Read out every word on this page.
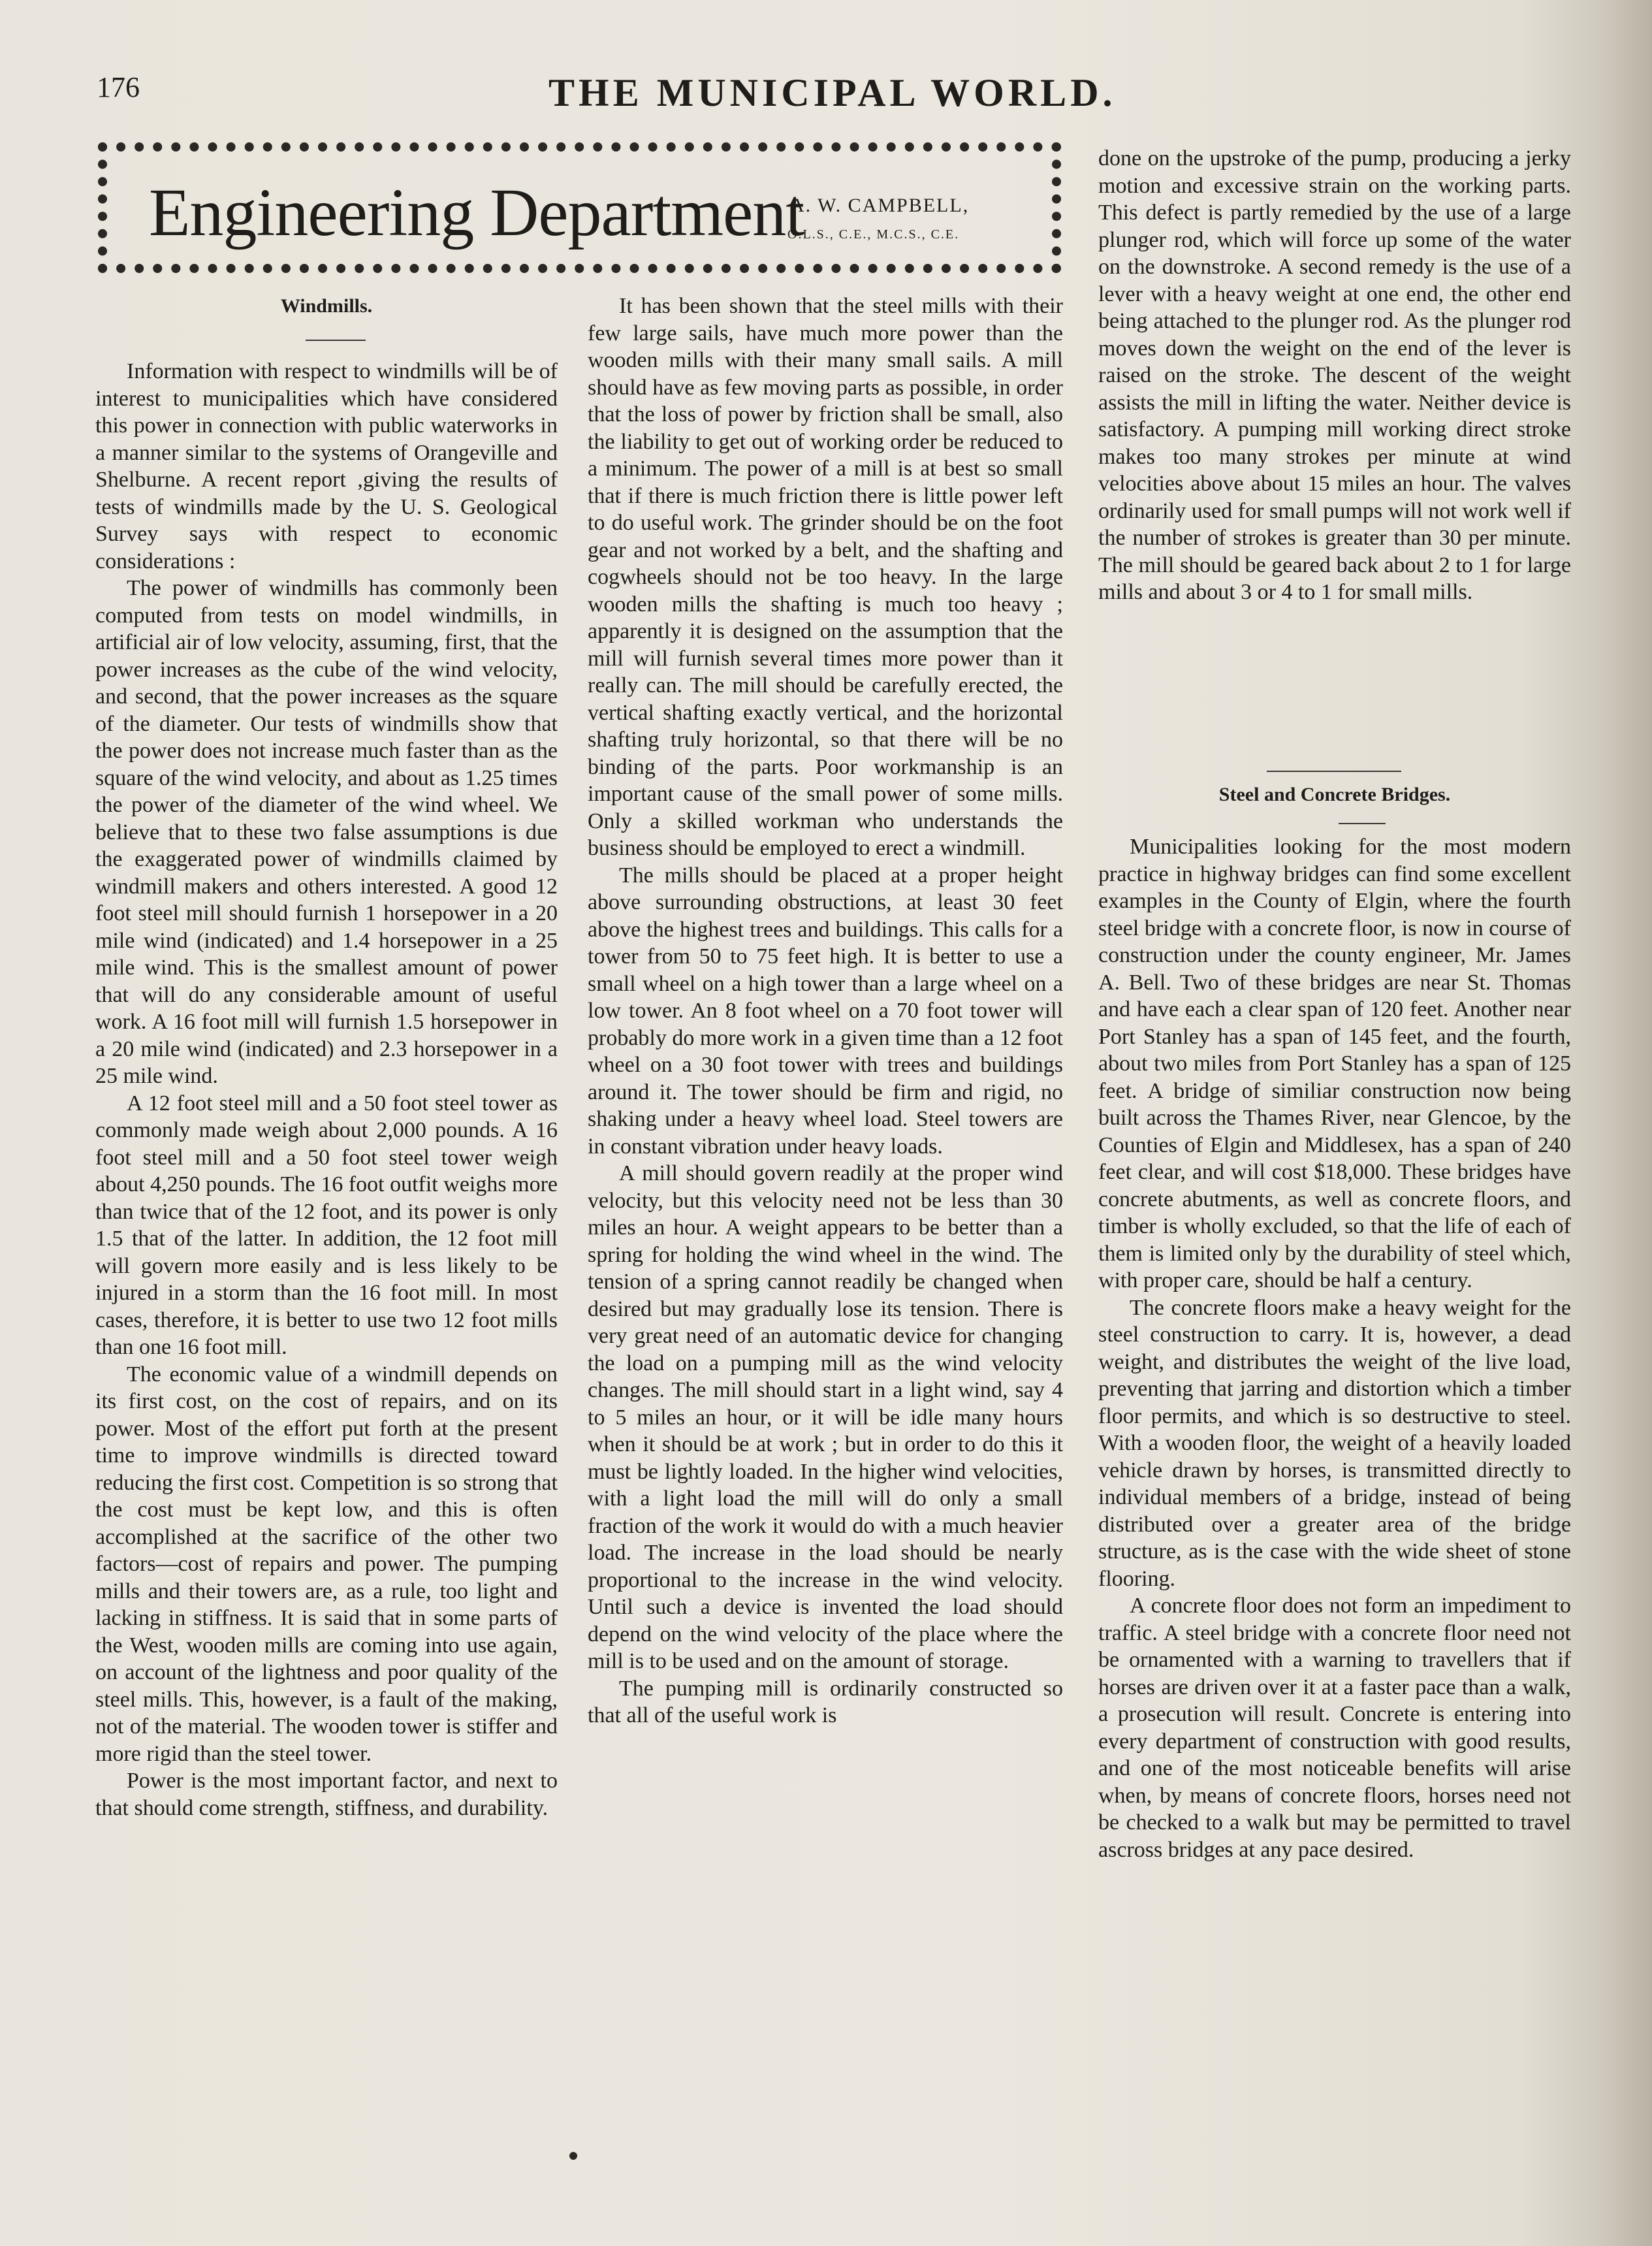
176	THE MUNICIPAL WORLD.
Engineering Department
A. W. CAMPBELL,
O.L.S., C.E., M.C.S., C.E.

Windmills.

Information with respect to windmills will be of interest to municipalities which have considered this power in connection with public waterworks in a manner similar to the systems of Orangeville and Shelburne. A recent report ,giving the results of tests of windmills made by the U. S. Geological Survey says with respect to economic considerations :

The power of windmills has commonly been computed from tests on model windmills, in artificial air of low velocity, assuming, first, that the power increases as the cube of the wind velocity, and second, that the power increases as the square of the diameter. Our tests of windmills show that the power does not increase much faster than as the square of the wind velocity, and about as 1.25 times the power of the diameter of the wind wheel. We believe that to these two false assumptions is due the exaggerated power of windmills claimed by windmill makers and others interested. A good 12 foot steel mill should furnish 1 horsepower in a 20 mile wind (indicated) and 1.4 horsepower in a 25 mile wind. This is the smallest amount of power that will do any considerable amount of useful work. A 16 foot mill will furnish 1.5 horsepower in a 20 mile wind (indicated) and 2.3 horsepower in a 25 mile wind.

A 12 foot steel mill and a 50 foot steel tower as commonly made weigh about 2,000 pounds. A 16 foot steel mill and a 50 foot steel tower weigh about 4,250 pounds. The 16 foot outfit weighs more than twice that of the 12 foot, and its power is only 1.5 that of the latter. In addition, the 12 foot mill will govern more easily and is less likely to be injured in a storm than the 16 foot mill. In most cases, therefore, it is better to use two 12 foot mills than one 16 foot mill.

The economic value of a windmill depends on its first cost, on the cost of repairs, and on its power. Most of the effort put forth at the present time to improve windmills is directed toward reducing the first cost. Competition is so strong that the cost must be kept low, and this is often accomplished at the sacrifice of the other two factors—cost of repairs and power. The pumping mills and their towers are, as a rule, too light and lacking in stiffness. It is said that in some parts of the West, wooden mills are coming into use again, on account of the lightness and poor quality of the steel mills. This, however, is a fault of the making, not of the material. The wooden tower is stiffer and more rigid than the steel tower.

Power is the most important factor, and next to that should come strength, stiffness, and durability.

It has been shown that the steel mills with their few large sails, have much more power than the wooden mills with their many small sails. A mill should have as few moving parts as possible, in order that the loss of power by friction shall be small, also the liability to get out of working order be reduced to a minimum. The power of a mill is at best so small that if there is much friction there is little power left to do useful work. The grinder should be on the foot gear and not worked by a belt, and the shafting and cogwheels should not be too heavy. In the large wooden mills the shafting is much too heavy ; apparently it is designed on the assumption that the mill will furnish several times more power than it really can. The mill should be carefully erected, the vertical shafting exactly vertical, and the horizontal shafting truly horizontal, so that there will be no binding of the parts. Poor workmanship is an important cause of the small power of some mills. Only a skilled workman who understands the business should be employed to erect a windmill.

The mills should be placed at a proper height above surrounding obstructions, at least 30 feet above the highest trees and buildings. This calls for a tower from 50 to 75 feet high. It is better to use a small wheel on a high tower than a large wheel on a low tower. An 8 foot wheel on a 70 foot tower will probably do more work in a given time than a 12 foot wheel on a 30 foot tower with trees and buildings around it. The tower should be firm and rigid, no shaking under a heavy wheel load. Steel towers are in constant vibration under heavy loads.

A mill should govern readily at the proper wind velocity, but this velocity need not be less than 30 miles an hour. A weight appears to be better than a spring for holding the wind wheel in the wind. The tension of a spring cannot readily be changed when desired but may gradually lose its tension. There is very great need of an automatic device for changing the load on a pumping mill as the wind velocity changes. The mill should start in a light wind, say 4 to 5 miles an hour, or it will be idle many hours when it should be at work ; but in order to do this it must be lightly loaded. In the higher wind velocities, with a light load the mill will do only a small fraction of the work it would do with a much heavier load. The increase in the load should be nearly proportional to the increase in the wind velocity. Until such a device is invented the load should depend on the wind velocity of the place where the mill is to be used and on the amount of storage.

The pumping mill is ordinarily constructed so that all of the useful work is

done on the upstroke of the pump, producing a jerky motion and excessive strain on the working parts. This defect is partly remedied by the use of a large plunger rod, which will force up some of the water on the downstroke. A second remedy is the use of a lever with a heavy weight at one end, the other end being attached to the plunger rod. As the plunger rod moves down the weight on the end of the lever is raised on the stroke. The descent of the weight assists the mill in lifting the water. Neither device is satisfactory. A pumping mill working direct stroke makes too many strokes per minute at wind velocities above about 15 miles an hour. The valves ordinarily used for small pumps will not work well if the number of strokes is greater than 30 per minute. The mill should be geared back about 2 to 1 for large mills and about 3 or 4 to 1 for small mills.

Steel and Concrete Bridges.

Municipalities looking for the most modern practice in highway bridges can find some excellent examples in the County of Elgin, where the fourth steel bridge with a concrete floor, is now in course of construction under the county engineer, Mr. James A. Bell. Two of these bridges are near St. Thomas and have each a clear span of 120 feet. Another near Port Stanley has a span of 145 feet, and the fourth, about two miles from Port Stanley has a span of 125 feet. A bridge of similiar construction now being built across the Thames River, near Glencoe, by the Counties of Elgin and Middlesex, has a span of 240 feet clear, and will cost $18,000. These bridges have concrete abutments, as well as concrete floors, and timber is wholly excluded, so that the life of each of them is limited only by the durability of steel which, with proper care, should be half a century.

The concrete floors make a heavy weight for the steel construction to carry. It is, however, a dead weight, and distributes the weight of the live load, preventing that jarring and distortion which a timber floor permits, and which is so destructive to steel. With a wooden floor, the weight of a heavily loaded vehicle drawn by horses, is transmitted directly to individual members of a bridge, instead of being distributed over a greater area of the bridge structure, as is the case with the wide sheet of stone flooring.

A concrete floor does not form an impediment to traffic. A steel bridge with a concrete floor need not be ornamented with a warning to travellers that if horses are driven over it at a faster pace than a walk, a prosecution will result. Concrete is entering into every department of construction with good results, and one of the most noticeable benefits will arise when, by means of concrete floors, horses need not be checked to a walk but may be permitted to travel ascross bridges at any pace desired.
